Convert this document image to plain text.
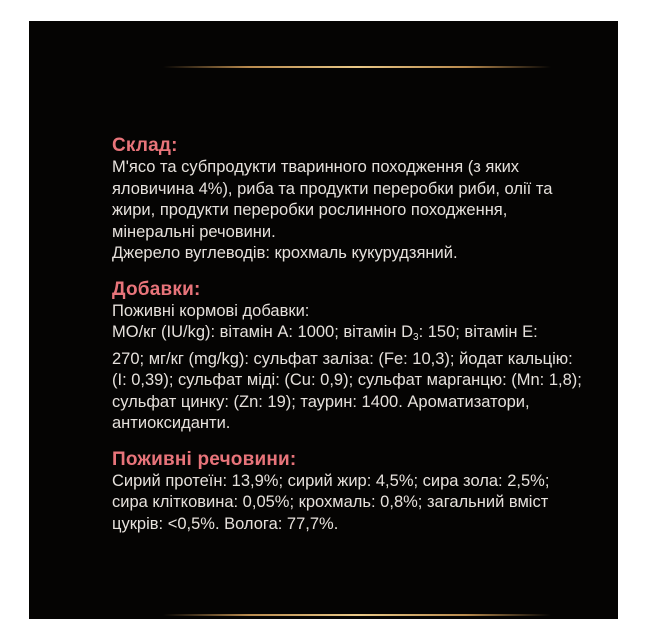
Склад:

М'ясо та субпродукти тваринного походження (з яких

яловичина 4%), риба та продукти переробки риби, олії та

жири, продукти переробки рослинного походження,

мінеральні речовини.

Джерело вуглеводів: крохмаль кукурудзяний.

Добавки:

Поживні кормові добавки:

МО/кг (IU/kg): вітамін А: 1000; вітамін $D_3$: 150; вітамін Е:

270; мг/кг (mg/kg): сульфат заліза: (Fe: 10,3); йодат кальцію:

(I: 0,39); сульфат міді: (Cu: 0,9); сульфат марганцю: (Mn: 1,8);

сульфат цинку: (Zn: 19); таурин: 1400. Ароматизатори,

антиоксиданти.

Поживні речовини:

Сирий протеїн: 13,9%; сирий жир: 4,5%; сира зола: 2,5%;

сира клітковина: 0,05%; крохмаль: 0,8%; загальний вміст

цукрів: <0,5%. Волога: 77,7%.
